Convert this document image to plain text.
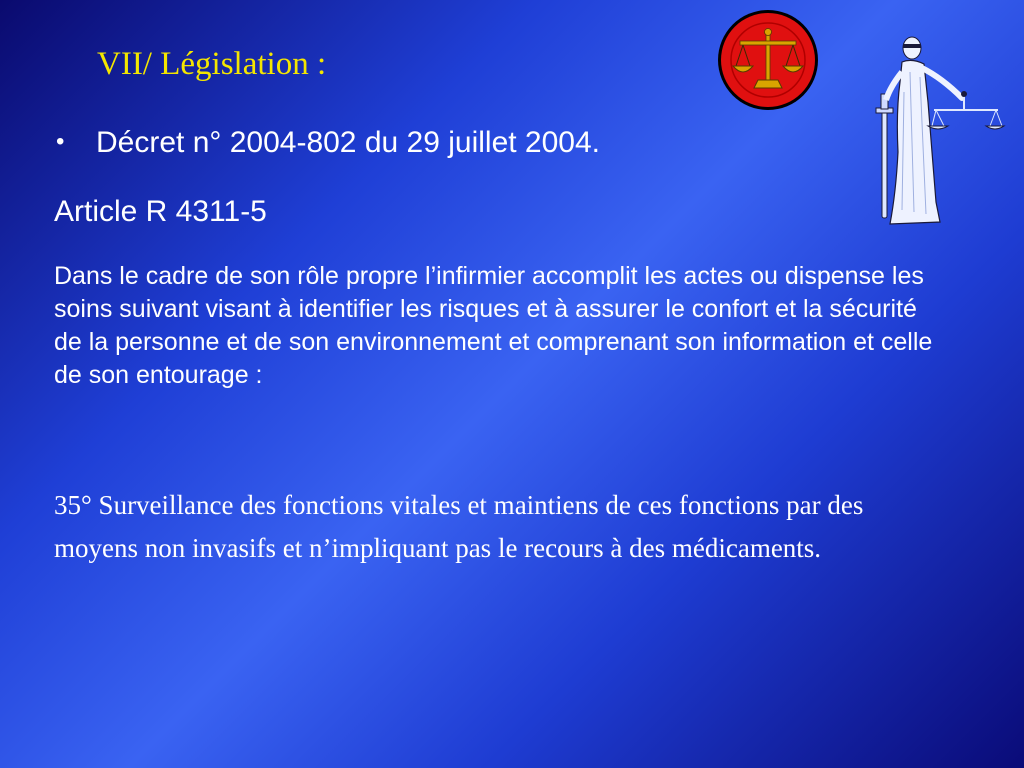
VII/ Législation :
• Décret n° 2004-802 du 29 juillet 2004.
Article R 4311-5
Dans le cadre de son rôle propre l’infirmier accomplit les actes ou dispense les soins suivant visant à identifier les risques et à assurer le confort et la sécurité de la personne et de son environnement et comprenant son information et celle de son entourage :
35° Surveillance des fonctions vitales et maintiens de ces fonctions par des moyens non invasifs et n’impliquant pas le recours à des médicaments.
